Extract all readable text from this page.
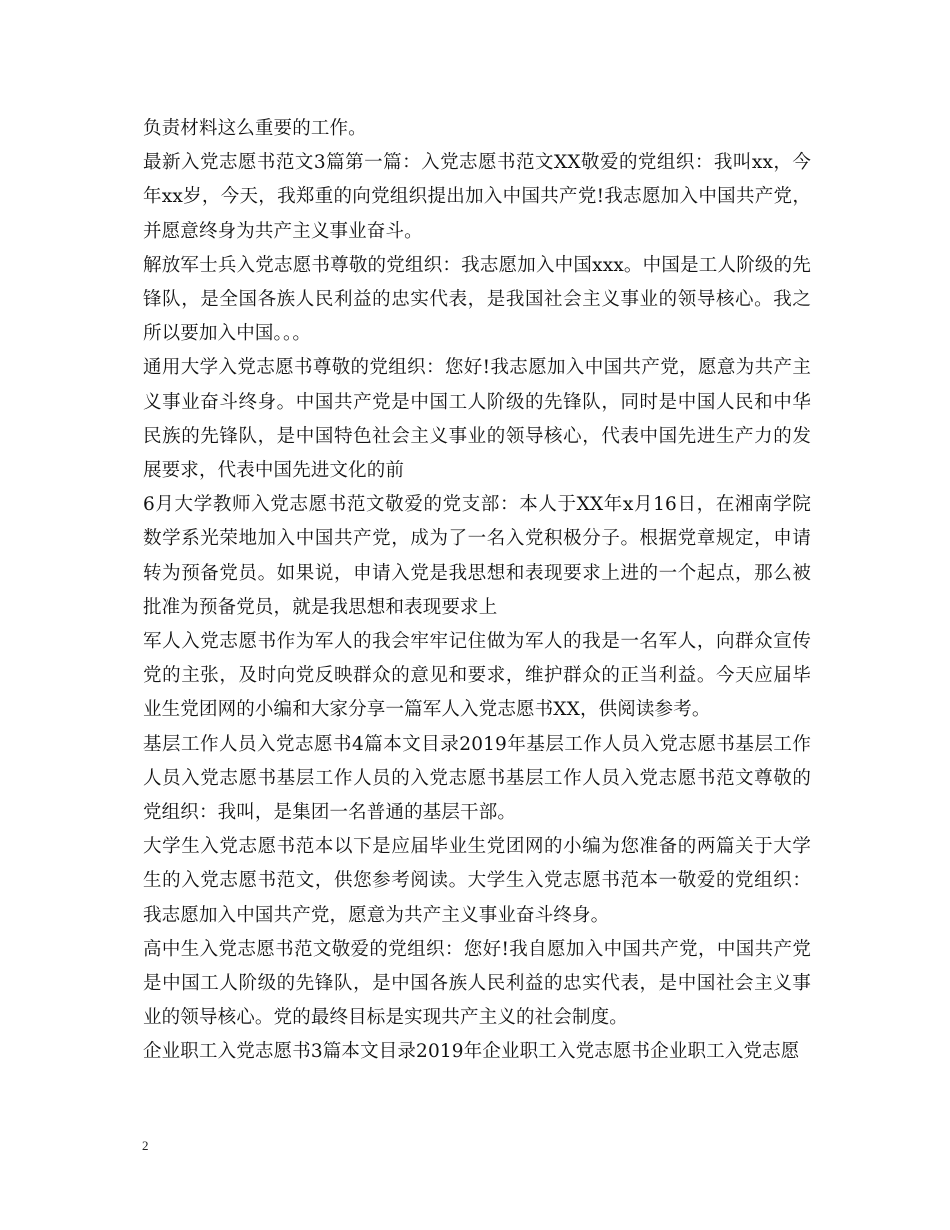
负责材料这么重要的工作。

最新入党志愿书范文3篇第一篇：入党志愿书范文XX敬爱的党组织：我叫xx，今年xx岁，今天，我郑重的向党组织提出加入中国共产党!我志愿加入中国共产党，并愿意终身为共产主义事业奋斗。

解放军士兵入党志愿书尊敬的党组织：我志愿加入中国xxx。中国是工人阶级的先锋队，是全国各族人民利益的忠实代表，是我国社会主义事业的领导核心。我之所以要加入中国。。。

通用大学入党志愿书尊敬的党组织：您好!我志愿加入中国共产党，愿意为共产主义事业奋斗终身。中国共产党是中国工人阶级的先锋队，同时是中国人民和中华民族的先锋队，是中国特色社会主义事业的领导核心，代表中国先进生产力的发展要求，代表中国先进文化的前

6月大学教师入党志愿书范文敬爱的党支部：本人于XX年x月16日，在湘南学院数学系光荣地加入中国共产党，成为了一名入党积极分子。根据党章规定，申请转为预备党员。如果说，申请入党是我思想和表现要求上进的一个起点，那么被批准为预备党员，就是我思想和表现要求上

军人入党志愿书作为军人的我会牢牢记住做为军人的我是一名军人，向群众宣传党的主张，及时向党反映群众的意见和要求，维护群众的正当利益。今天应届毕业生党团网的小编和大家分享一篇军人入党志愿书XX，供阅读参考。

基层工作人员入党志愿书4篇本文目录2019年基层工作人员入党志愿书基层工作人员入党志愿书基层工作人员的入党志愿书基层工作人员入党志愿书范文尊敬的党组织：我叫，是集团一名普通的基层干部。

大学生入党志愿书范本以下是应届毕业生党团网的小编为您准备的两篇关于大学生的入党志愿书范文，供您参考阅读。大学生入党志愿书范本一敬爱的党组织：我志愿加入中国共产党，愿意为共产主义事业奋斗终身。

高中生入党志愿书范文敬爱的党组织：您好!我自愿加入中国共产党，中国共产党是中国工人阶级的先锋队，是中国各族人民利益的忠实代表，是中国社会主义事业的领导核心。党的最终目标是实现共产主义的社会制度。

企业职工入党志愿书3篇本文目录2019年企业职工入党志愿书企业职工入党志愿

2
